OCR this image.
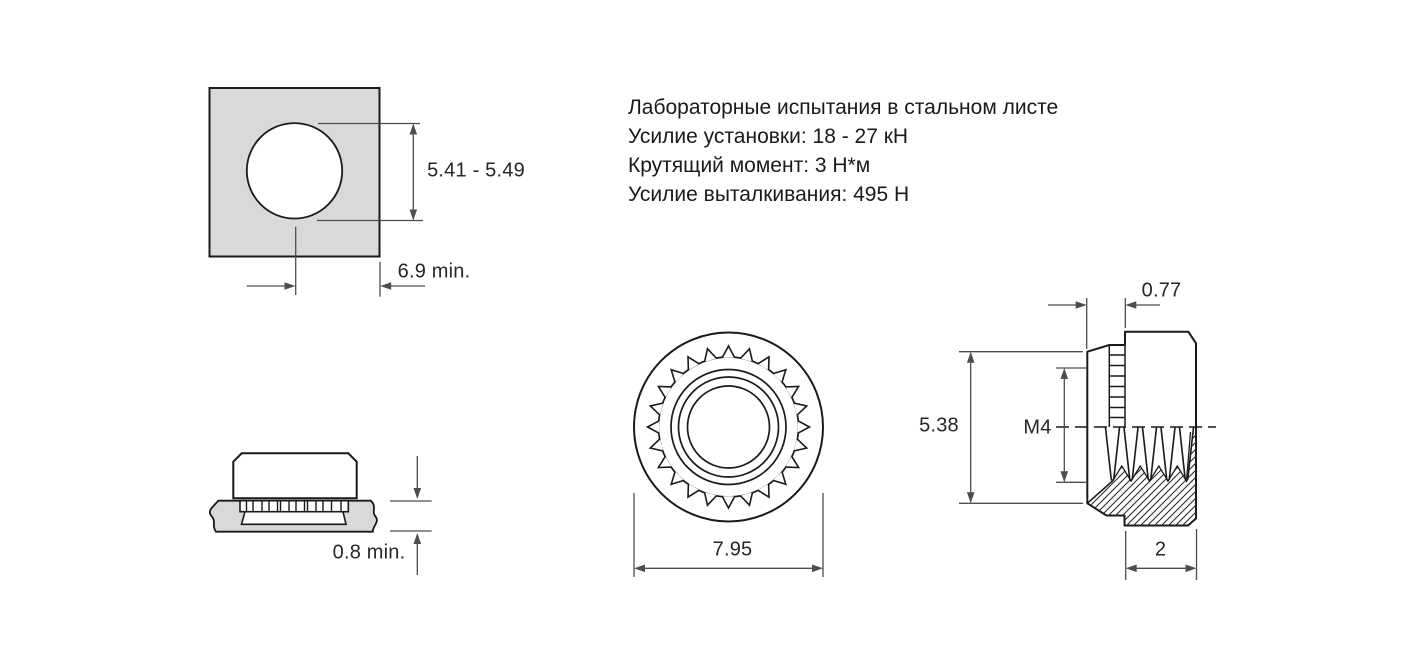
Лабораторные испытания в стальном листе
Усилие установки: 18 - 27 кН
Крутящий момент: 3 Н*м
Усилие выталкивания: 495 Н
5.41 - 5.49
6.9 min.
0.8 min.	7.95
0.77
5.38	M4
2
